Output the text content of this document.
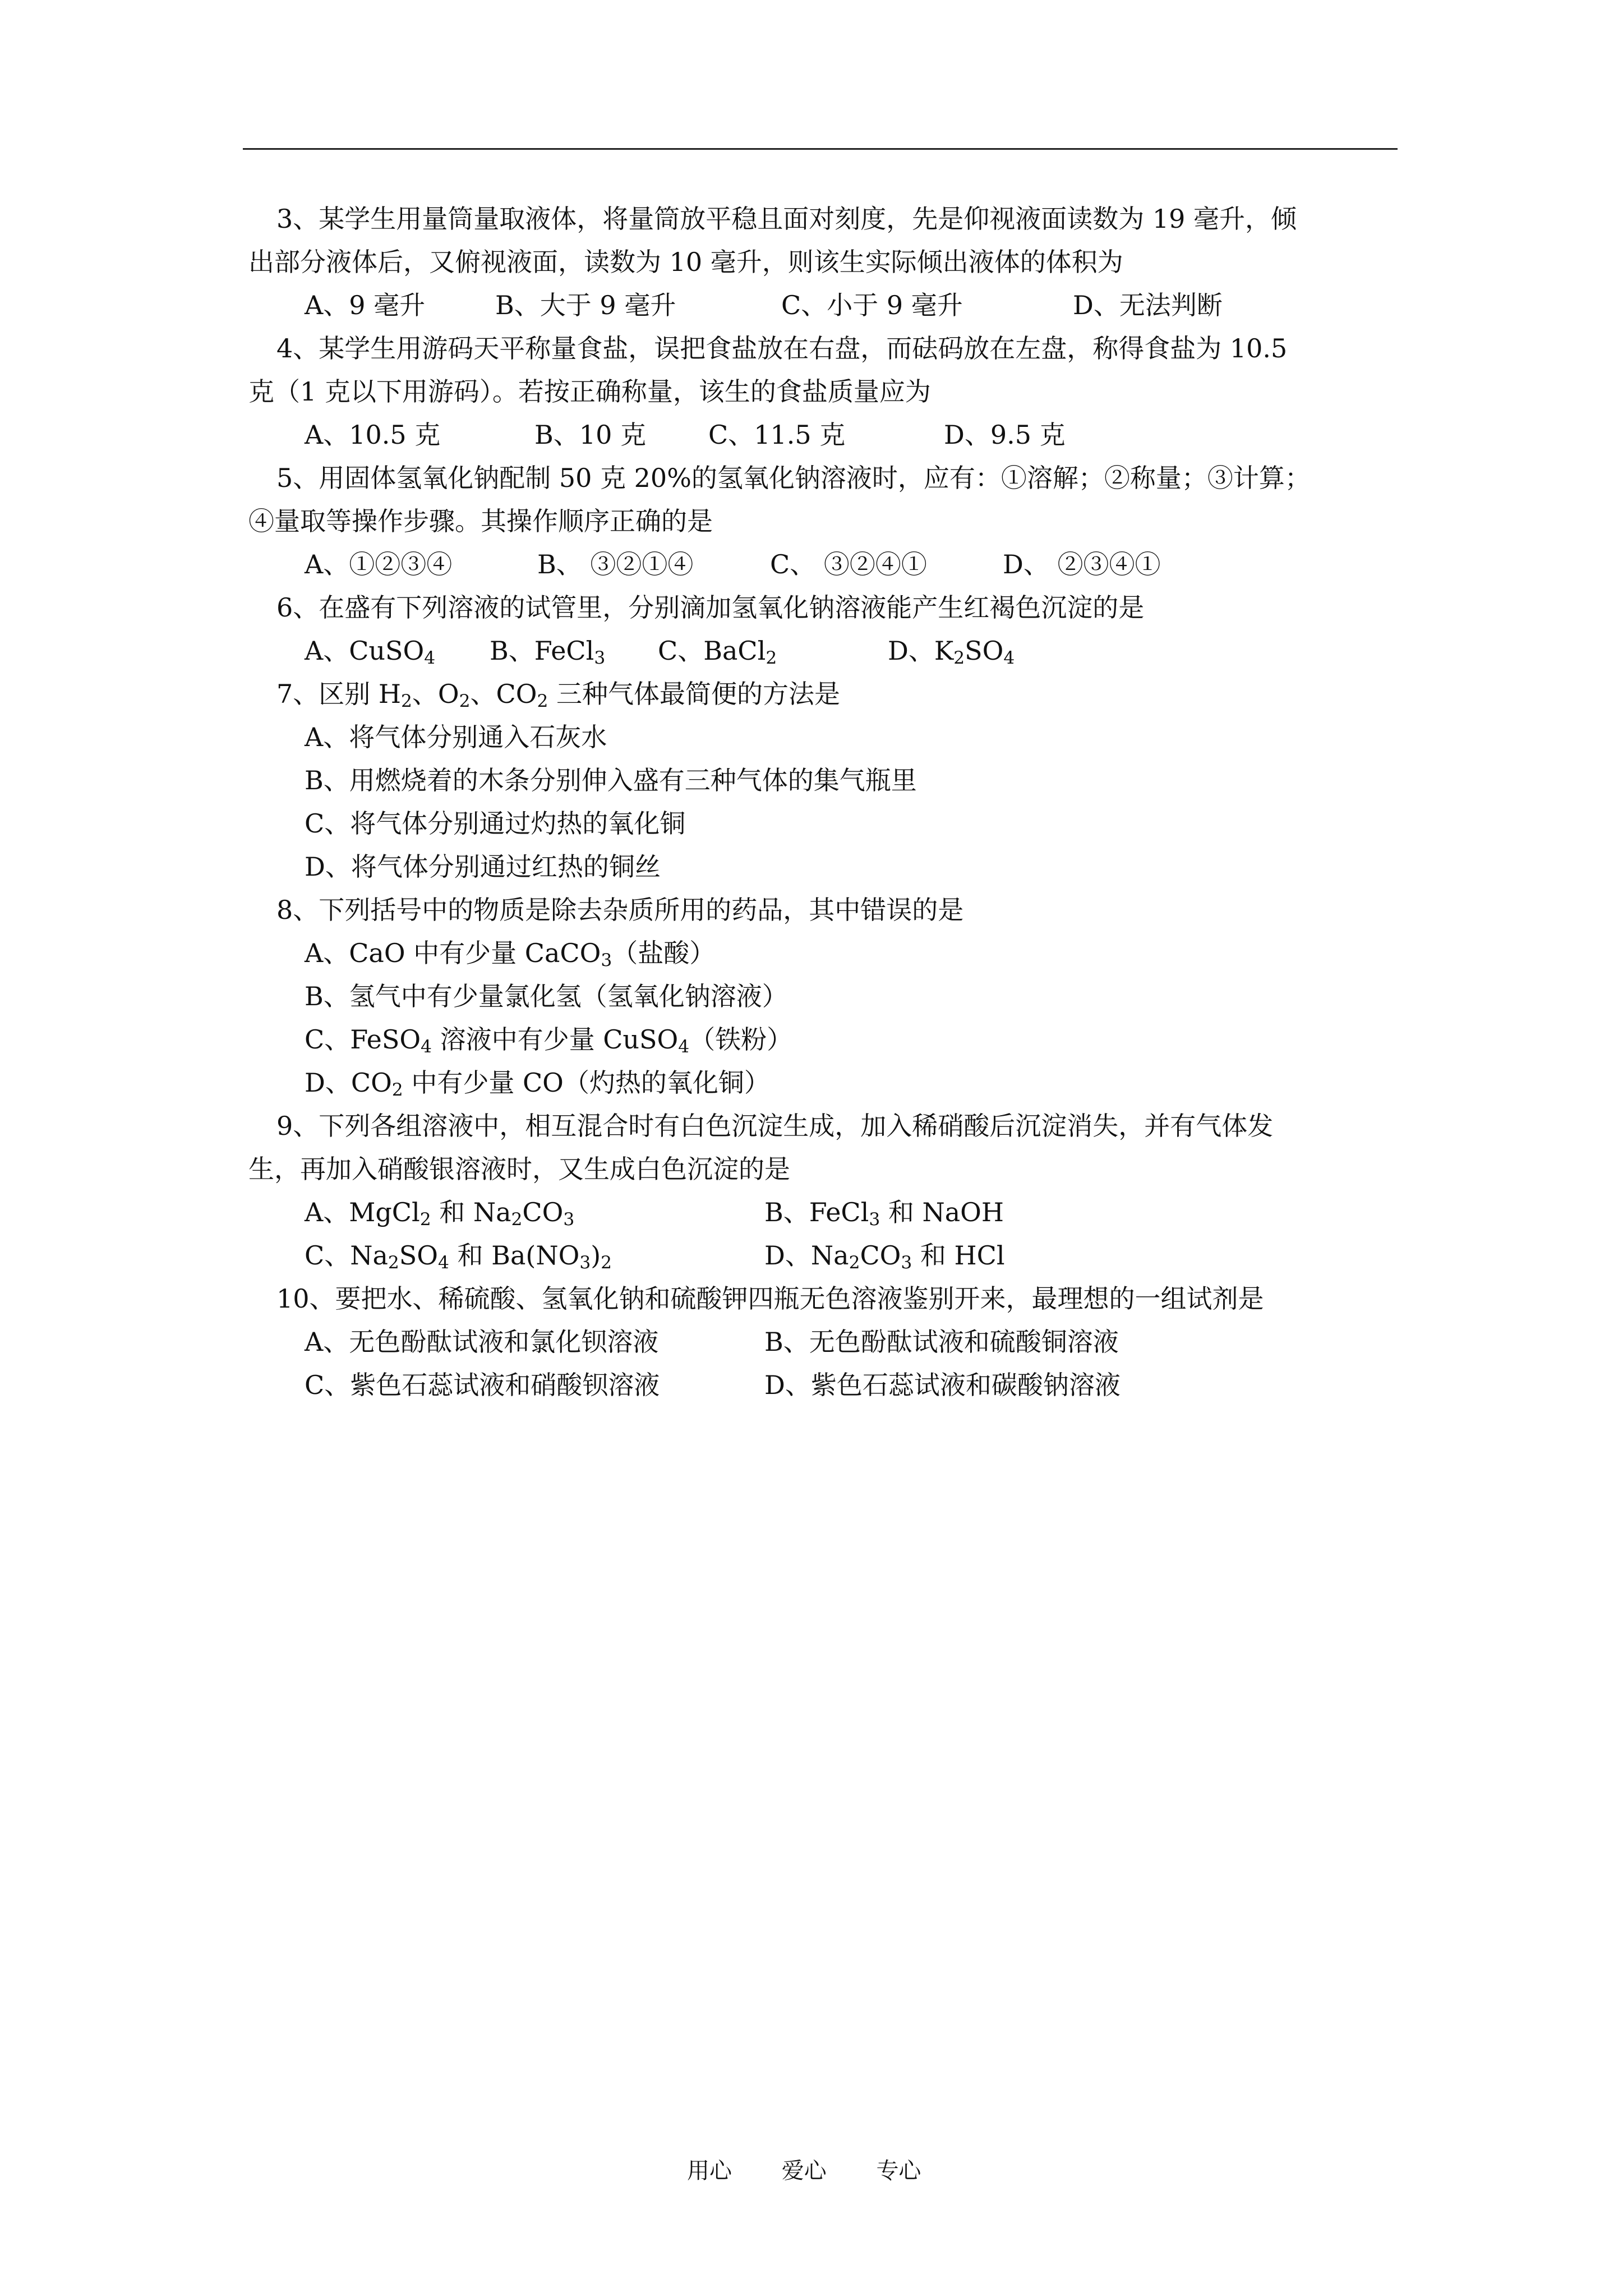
3、某学生用量筒量取液体，将量筒放平稳且面对刻度，先是仰视液面读数为 19 毫升，倾
出部分液体后，又俯视液面，读数为 10 毫升，则该生实际倾出液体的体积为
A、9 毫升	B、大于 9 毫升	C、小于 9 毫升	D、无法判断
4、某学生用游码天平称量食盐，误把食盐放在右盘，而砝码放在左盘，称得食盐为 10.5
克（1 克以下用游码）。若按正确称量，该生的食盐质量应为
A、10.5 克	B、10 克	C、11.5 克	D、9.5 克
5、用固体氢氧化钠配制 50 克 20%的氢氧化钠溶液时，应有：①溶解；②称量；③计算；
④量取等操作步骤。其操作顺序正确的是
A、①②③④	B、 ③②①④	C、 ③②④①	D、 ②③④①
6、在盛有下列溶液的试管里，分别滴加氢氧化钠溶液能产生红褐色沉淀的是
A、CuSO$_4$	B、FeCl$_3$	C、BaCl$_2$	D、$K_2SO_4$
7、区别 $H_2$、$O_2$、$CO_2$ 三种气体最简便的方法是
A、将气体分别通入石灰水
B、用燃烧着的木条分别伸入盛有三种气体的集气瓶里
C、将气体分别通过灼热的氧化铜
D、将气体分别通过红热的铜丝
8、下列括号中的物质是除去杂质所用的药品，其中错误的是
A、CaO 中有少量 CaCO$_3$（盐酸）
B、氢气中有少量氯化氢（氢氧化钠溶液）
C、FeSO$_4$ 溶液中有少量 CuSO$_4$（铁粉）
D、$CO_2$ 中有少量 CO（灼热的氧化铜）
9、下列各组溶液中，相互混合时有白色沉淀生成，加入稀硝酸后沉淀消失，并有气体发
生，再加入硝酸银溶液时，又生成白色沉淀的是
A、MgCl$_2$ 和 $Na_2CO_3$	B、FeCl$_3$ 和 NaOH
C、$Na_2SO_4$ 和 $Ba(NO_3)_2$	D、$Na_2CO_3$ 和 HCl
10、要把水、稀硫酸、氢氧化钠和硫酸钾四瓶无色溶液鉴别开来，最理想的一组试剂是
A、无色酚酞试液和氯化钡溶液	B、无色酚酞试液和硫酸铜溶液
C、紫色石蕊试液和硝酸钡溶液	D、紫色石蕊试液和碳酸钠溶液
用心 爱心 专心
